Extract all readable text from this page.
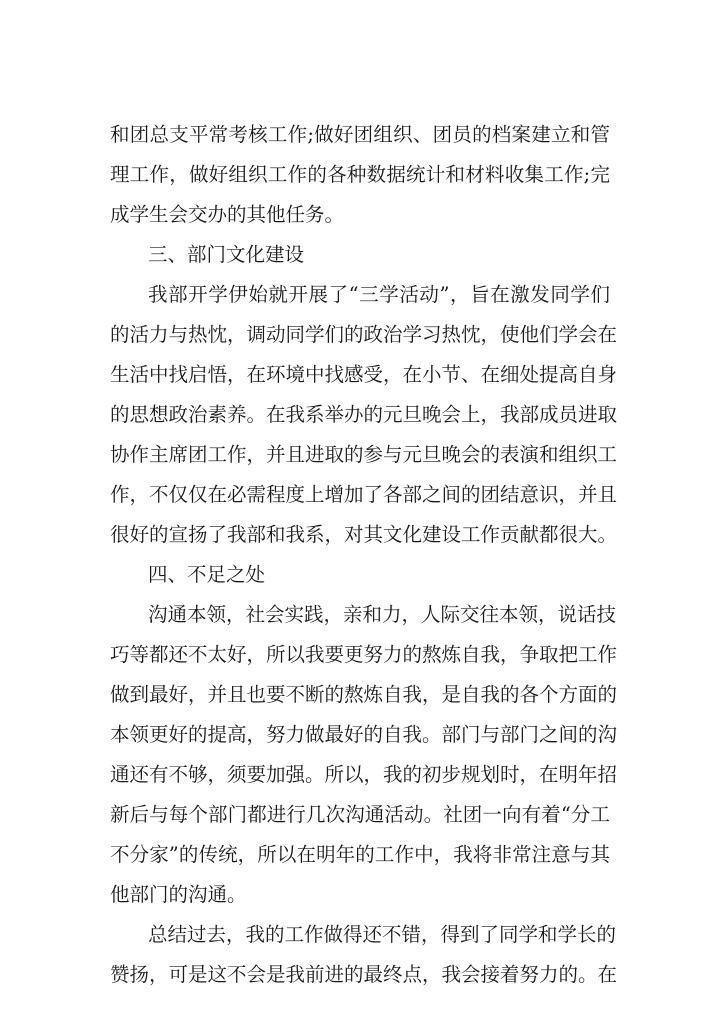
和团总支平常考核工作;做好团组织、团员的档案建立和管
理工作，做好组织工作的各种数据统计和材料收集工作;完
成学生会交办的其他任务。
三、部门文化建设
我部开学伊始就开展了“三学活动”，旨在激发同学们
的活力与热忱，调动同学们的政治学习热忱，使他们学会在
生活中找启悟，在环境中找感受，在小节、在细处提高自身
的思想政治素养。在我系举办的元旦晚会上，我部成员进取
协作主席团工作，并且进取的参与元旦晚会的表演和组织工
作，不仅仅在必需程度上增加了各部之间的团结意识，并且
很好的宣扬了我部和我系，对其文化建设工作贡献都很大。
四、不足之处
沟通本领，社会实践，亲和力，人际交往本领，说话技
巧等都还不太好，所以我要更努力的熬炼自我，争取把工作
做到最好，并且也要不断的熬炼自我，是自我的各个方面的
本领更好的提高，努力做最好的自我。部门与部门之间的沟
通还有不够，须要加强。所以，我的初步规划时，在明年招
新后与每个部门都进行几次沟通活动。社团一向有着“分工
不分家”的传统，所以在明年的工作中，我将非常注意与其
他部门的沟通。
总结过去，我的工作做得还不错，得到了同学和学长的
赞扬，可是这不会是我前进的最终点，我会接着努力的。在
